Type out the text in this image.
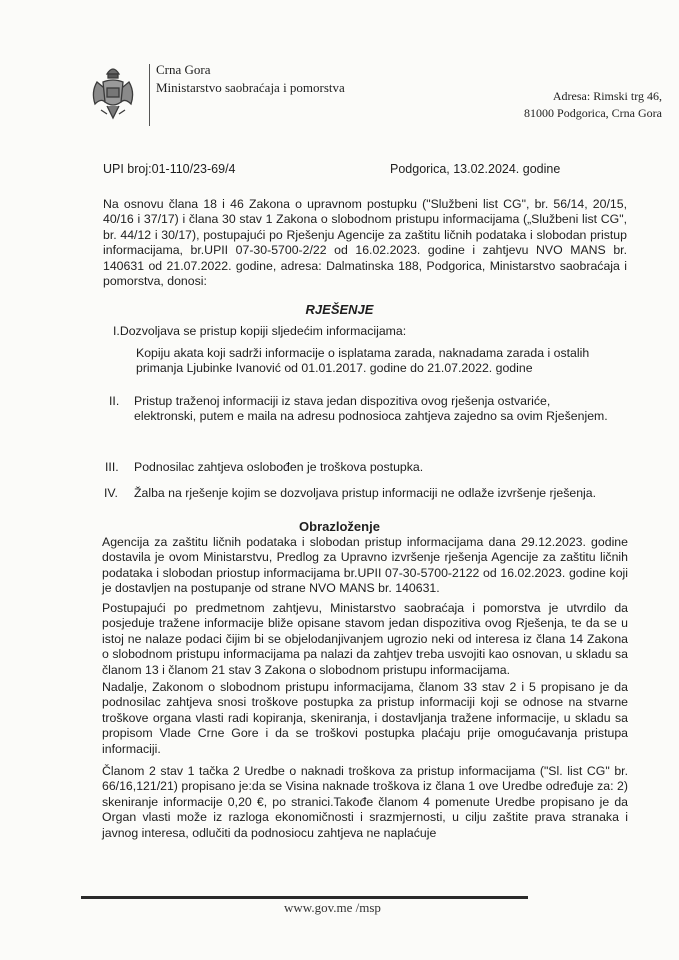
Crna Gora
Ministarstvo saobraćaja i pomorstva
Adresa: Rimski trg 46,
81000 Podgorica, Crna Gora
UPI broj:01-110/23-69/4	Podgorica, 13.02.2024. godine

Na osnovu člana 18 i 46 Zakona o upravnom postupku ("Službeni list CG", br. 56/14, 20/15, 40/16 i 37/17) i člana 30 stav 1 Zakona o slobodnom pristupu informacijama („Službeni list CG", br. 44/12 i 30/17), postupajući po Rješenju Agencije za zaštitu ličnih podataka i slobodan pristup informacijama, br.UPII 07-30-5700-2/22 od 16.02.2023. godine i zahtjevu NVO MANS br. 140631 od 21.07.2022. godine, adresa: Dalmatinska 188, Podgorica, Ministarstvo saobraćaja i pomorstva, donosi:

RJEŠENJE
I.Dozvoljava se pristup kopiji sljedećim informacijama:

Kopiju akata koji sadrži informacije o isplatama zarada, naknadama zarada i ostalih primanja Ljubinke Ivanović od 01.01.2017. godine do 21.07.2022. godine

II. Pristup traženoj informaciji iz stava jedan dispozitiva ovog rješenja ostvariće, elektronski, putem e maila na adresu podnosioca zahtjeva zajedno sa ovim Rješenjem.

III. Podnosilac zahtjeva oslobođen je troškova postupka.

IV. Žalba na rješenje kojim se dozvoljava pristup informaciji ne odlaže izvršenje rješenja.

Obrazloženje

Agencija za zaštitu ličnih podataka i slobodan pristup informacijama dana 29.12.2023. godine dostavila je ovom Ministarstvu, Predlog za Upravno izvršenje rješenja Agencije za zaštitu ličnih podataka i slobodan priostup informacijama br.UPII 07-30-5700-2122 od 16.02.2023. godine koji je dostavljen na postupanje od strane NVO MANS br. 140631.

Postupajući po predmetnom zahtjevu, Ministarstvo saobraćaja i pomorstva je utvrdilo da posjeduje tražene informacije bliže opisane stavom jedan dispozitiva ovog Rješenja, te da se u istoj ne nalaze podaci čijim bi se objelodanjivanjem ugrozio neki od interesa iz člana 14 Zakona o slobodnom pristupu informacijama pa nalazi da zahtjev treba usvojiti kao osnovan, u skladu sa članom 13 i članom 21 stav 3 Zakona o slobodnom pristupu informacijama.

Nadalje, Zakonom o slobodnom pristupu informacijama, članom 33 stav 2 i 5 propisano je da podnosilac zahtjeva snosi troškove postupka za pristup informaciji koji se odnose na stvarne troškove organa vlasti radi kopiranja, skeniranja, i dostavljanja tražene informacije, u skladu sa propisom Vlade Crne Gore i da se troškovi postupka plaćaju prije omogućavanja pristupa informaciji.

Članom 2 stav 1 tačka 2 Uredbe o naknadi troškova za pristup informacijama ("Sl. list CG" br. 66/16,121/21) propisano je:da se Visina naknade troškova iz člana 1 ove Uredbe određuje za: 2) skeniranje informacije 0,20 €, po stranici.Takođe članom 4 pomenute Uredbe propisano je da Organ vlasti može iz razloga ekonomičnosti i srazmjernosti, u cilju zaštite prava stranaka i javnog interesa, odlučiti da podnosiocu zahtjeva ne naplaćuje

www.gov.me /msp
